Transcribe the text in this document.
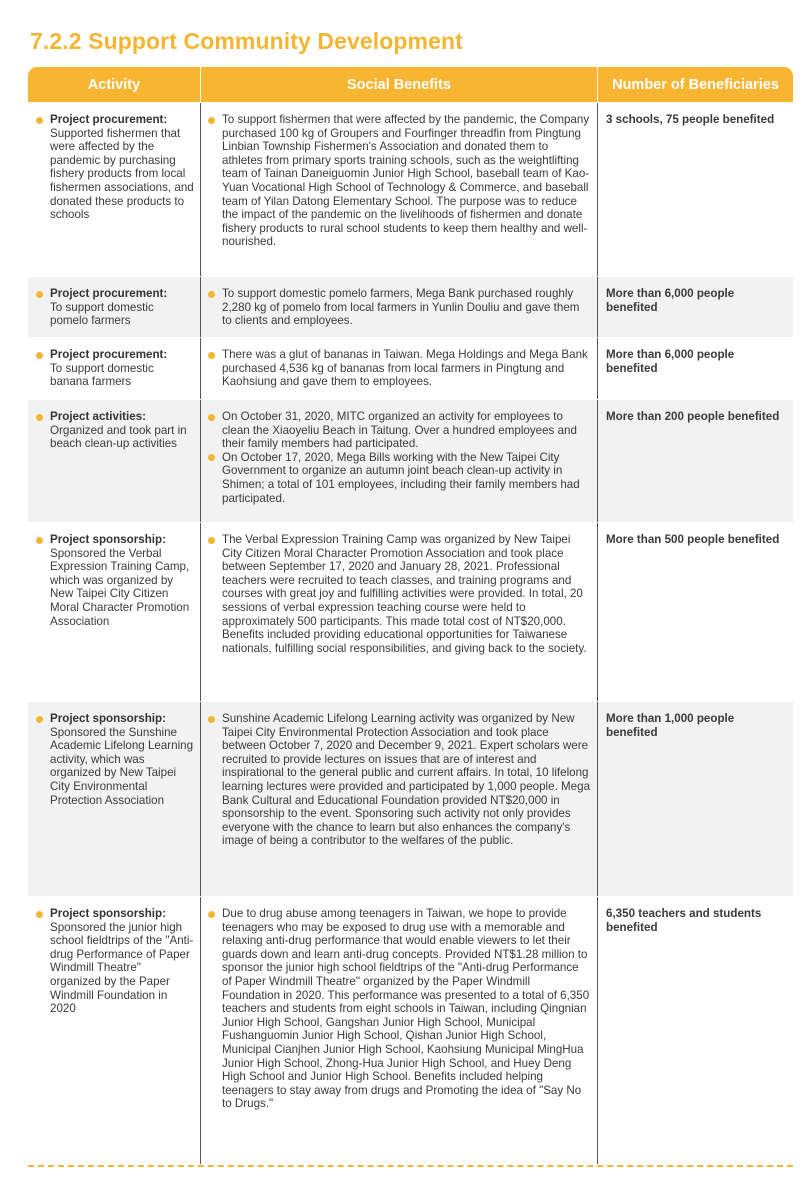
7.2.2 Support Community Development
Activity	Social Benefits	Number of Beneficiaries
Project procurement:
Supported fishermen that were affected by the pandemic by purchasing fishery products from local fishermen associations, and donated these products to schools
To support fishermen that were affected by the pandemic, the Company purchased 100 kg of Groupers and Fourfinger threadfin from Pingtung Linbian Township Fishermen's Association and donated them to athletes from primary sports training schools, such as the weightlifting team of Tainan Daneiguomin Junior High School, baseball team of Kao-Yuan Vocational High School of Technology & Commerce, and baseball team of Yilan Datong Elementary School. The purpose was to reduce the impact of the pandemic on the livelihoods of fishermen and donate fishery products to rural school students to keep them healthy and well-nourished.
3 schools, 75 people benefited
Project procurement:
To support domestic pomelo farmers
To support domestic pomelo farmers, Mega Bank purchased roughly 2,280 kg of pomelo from local farmers in Yunlin Douliu and gave them to clients and employees.
More than 6,000 people benefited
Project procurement:
To support domestic banana farmers
There was a glut of bananas in Taiwan. Mega Holdings and Mega Bank purchased 4,536 kg of bananas from local farmers in Pingtung and Kaohsiung and gave them to employees.
More than 6,000 people benefited
Project activities:
Organized and took part in beach clean-up activities
On October 31, 2020, MITC organized an activity for employees to clean the Xiaoyeliu Beach in Taitung. Over a hundred employees and their family members had participated.
On October 17, 2020, Mega Bills working with the New Taipei City Government to organize an autumn joint beach clean-up activity in Shimen; a total of 101 employees, including their family members had participated.
More than 200 people benefited
Project sponsorship:
Sponsored the Verbal Expression Training Camp, which was organized by New Taipei City Citizen Moral Character Promotion Association
The Verbal Expression Training Camp was organized by New Taipei City Citizen Moral Character Promotion Association and took place between September 17, 2020 and January 28, 2021. Professional teachers were recruited to teach classes, and training programs and courses with great joy and fulfilling activities were provided. In total, 20 sessions of verbal expression teaching course were held to approximately 500 participants. This made total cost of NT$20,000. Benefits included providing educational opportunities for Taiwanese nationals, fulfilling social responsibilities, and giving back to the society.
More than 500 people benefited
Project sponsorship:
Sponsored the Sunshine Academic Lifelong Learning activity, which was organized by New Taipei City Environmental Protection Association
Sunshine Academic Lifelong Learning activity was organized by New Taipei City Environmental Protection Association and took place between October 7, 2020 and December 9, 2021. Expert scholars were recruited to provide lectures on issues that are of interest and inspirational to the general public and current affairs. In total, 10 lifelong learning lectures were provided and participated by 1,000 people. Mega Bank Cultural and Educational Foundation provided NT$20,000 in sponsorship to the event. Sponsoring such activity not only provides everyone with the chance to learn but also enhances the company's image of being a contributor to the welfares of the public.
More than 1,000 people benefited
Project sponsorship:
Sponsored the junior high school fieldtrips of the "Anti-drug Performance of Paper Windmill Theatre" organized by the Paper Windmill Foundation in 2020
Due to drug abuse among teenagers in Taiwan, we hope to provide teenagers who may be exposed to drug use with a memorable and relaxing anti-drug performance that would enable viewers to let their guards down and learn anti-drug concepts. Provided NT$1.28 million to sponsor the junior high school fieldtrips of the "Anti-drug Performance of Paper Windmill Theatre" organized by the Paper Windmill Foundation in 2020. This performance was presented to a total of 6,350 teachers and students from eight schools in Taiwan, including Qingnian Junior High School, Gangshan Junior High School, Municipal Fushanguomin Junior High School, Qishan Junior High School, Municipal Cianjhen Junior High School, Kaohsiung Municipal MingHua Junior High School, Zhong-Hua Junior High School, and Huey Deng High School and Junior High School. Benefits included helping teenagers to stay away from drugs and Promoting the idea of "Say No to Drugs."
6,350 teachers and students benefited
